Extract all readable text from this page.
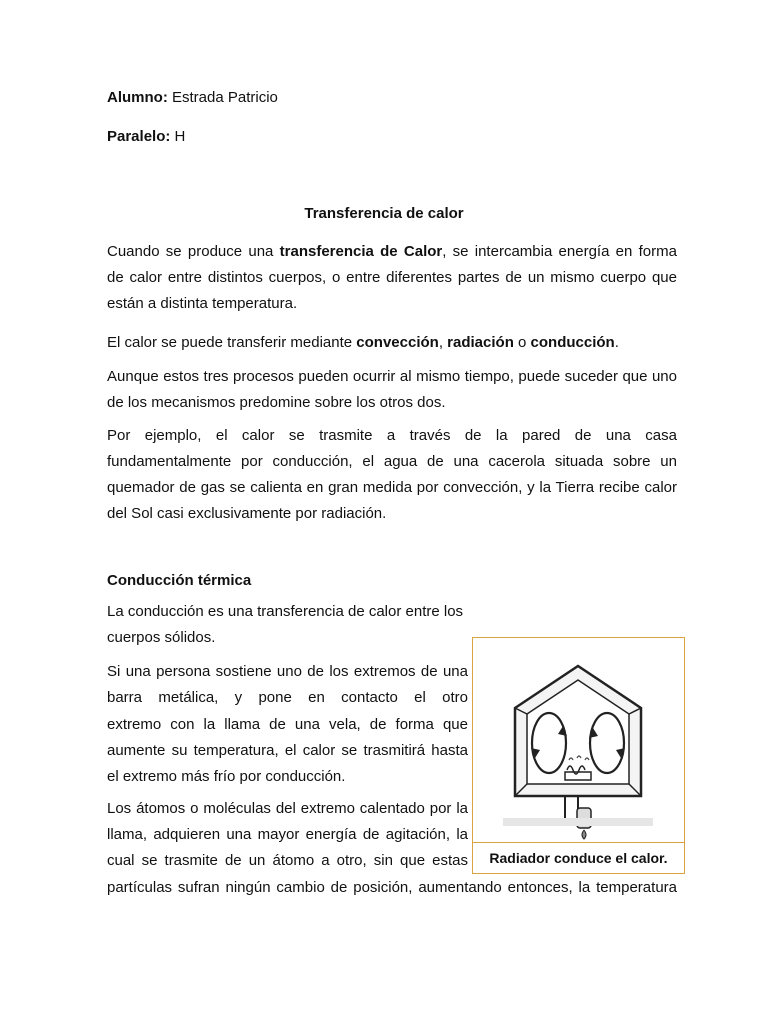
Alumno: Estrada Patricio
Paralelo: H
Transferencia de calor
Cuando se produce una transferencia de Calor, se intercambia energía en forma
de calor entre distintos cuerpos, o entre diferentes partes de un mismo cuerpo que
están a distinta temperatura.
El calor se puede transferir mediante convección, radiación o conducción.
Aunque estos tres procesos pueden ocurrir al mismo tiempo, puede suceder que uno
de los mecanismos predomine sobre los otros dos.
Por ejemplo, el calor se trasmite a través de la pared de una casa
fundamentalmente por conducción, el agua de una cacerola situada sobre un
quemador de gas se calienta en gran medida por convección, y la Tierra recibe calor
del Sol casi exclusivamente por radiación.
Conducción térmica
La conducción es una transferencia de calor entre los
cuerpos sólidos.
Si una persona sostiene uno de los extremos de una
barra metálica, y pone en contacto el otro
extremo con la llama de una vela, de forma que
aumente su temperatura, el calor se trasmitirá hasta
el extremo más frío por conducción.
Los átomos o moléculas del extremo calentado por la
llama, adquieren una mayor energía de agitación, la
cual se trasmite de un átomo a otro, sin que estas
partículas sufran ningún cambio de posición, aumentando entonces, la temperatura
Radiador conduce el calor.
